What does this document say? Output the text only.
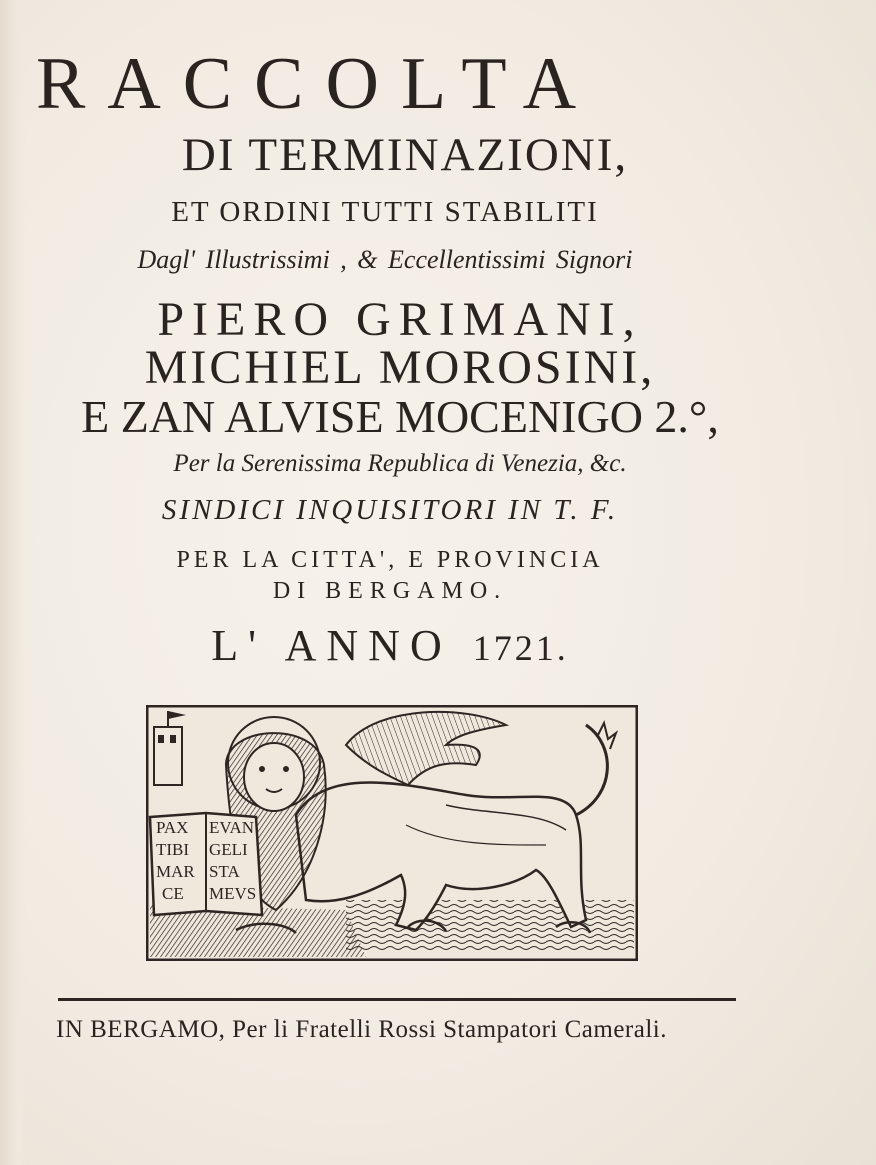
RACCOLTA
DI TERMINAZIONI,
ET ORDINI TUTTI STABILITI
Dagl' Illustrissimi , & Eccellentissimi Signori
PIERO GRIMANI,
MICHIEL MOROSINI,
E ZAN ALVISE MOCENIGO 2.°,
Per la Serenissima Republica di Venezia, &c.
SINDICI INQUISITORI IN T. F.
PER LA CITTA', E PROVINCIA
DI BERGAMO.
L' ANNO 1721.
PAX
TIBI
MAR
CE
EVAN
GELI
STA
MEVS
IN BERGAMO, Per li Fratelli Rossi Stampatori Camerali.
